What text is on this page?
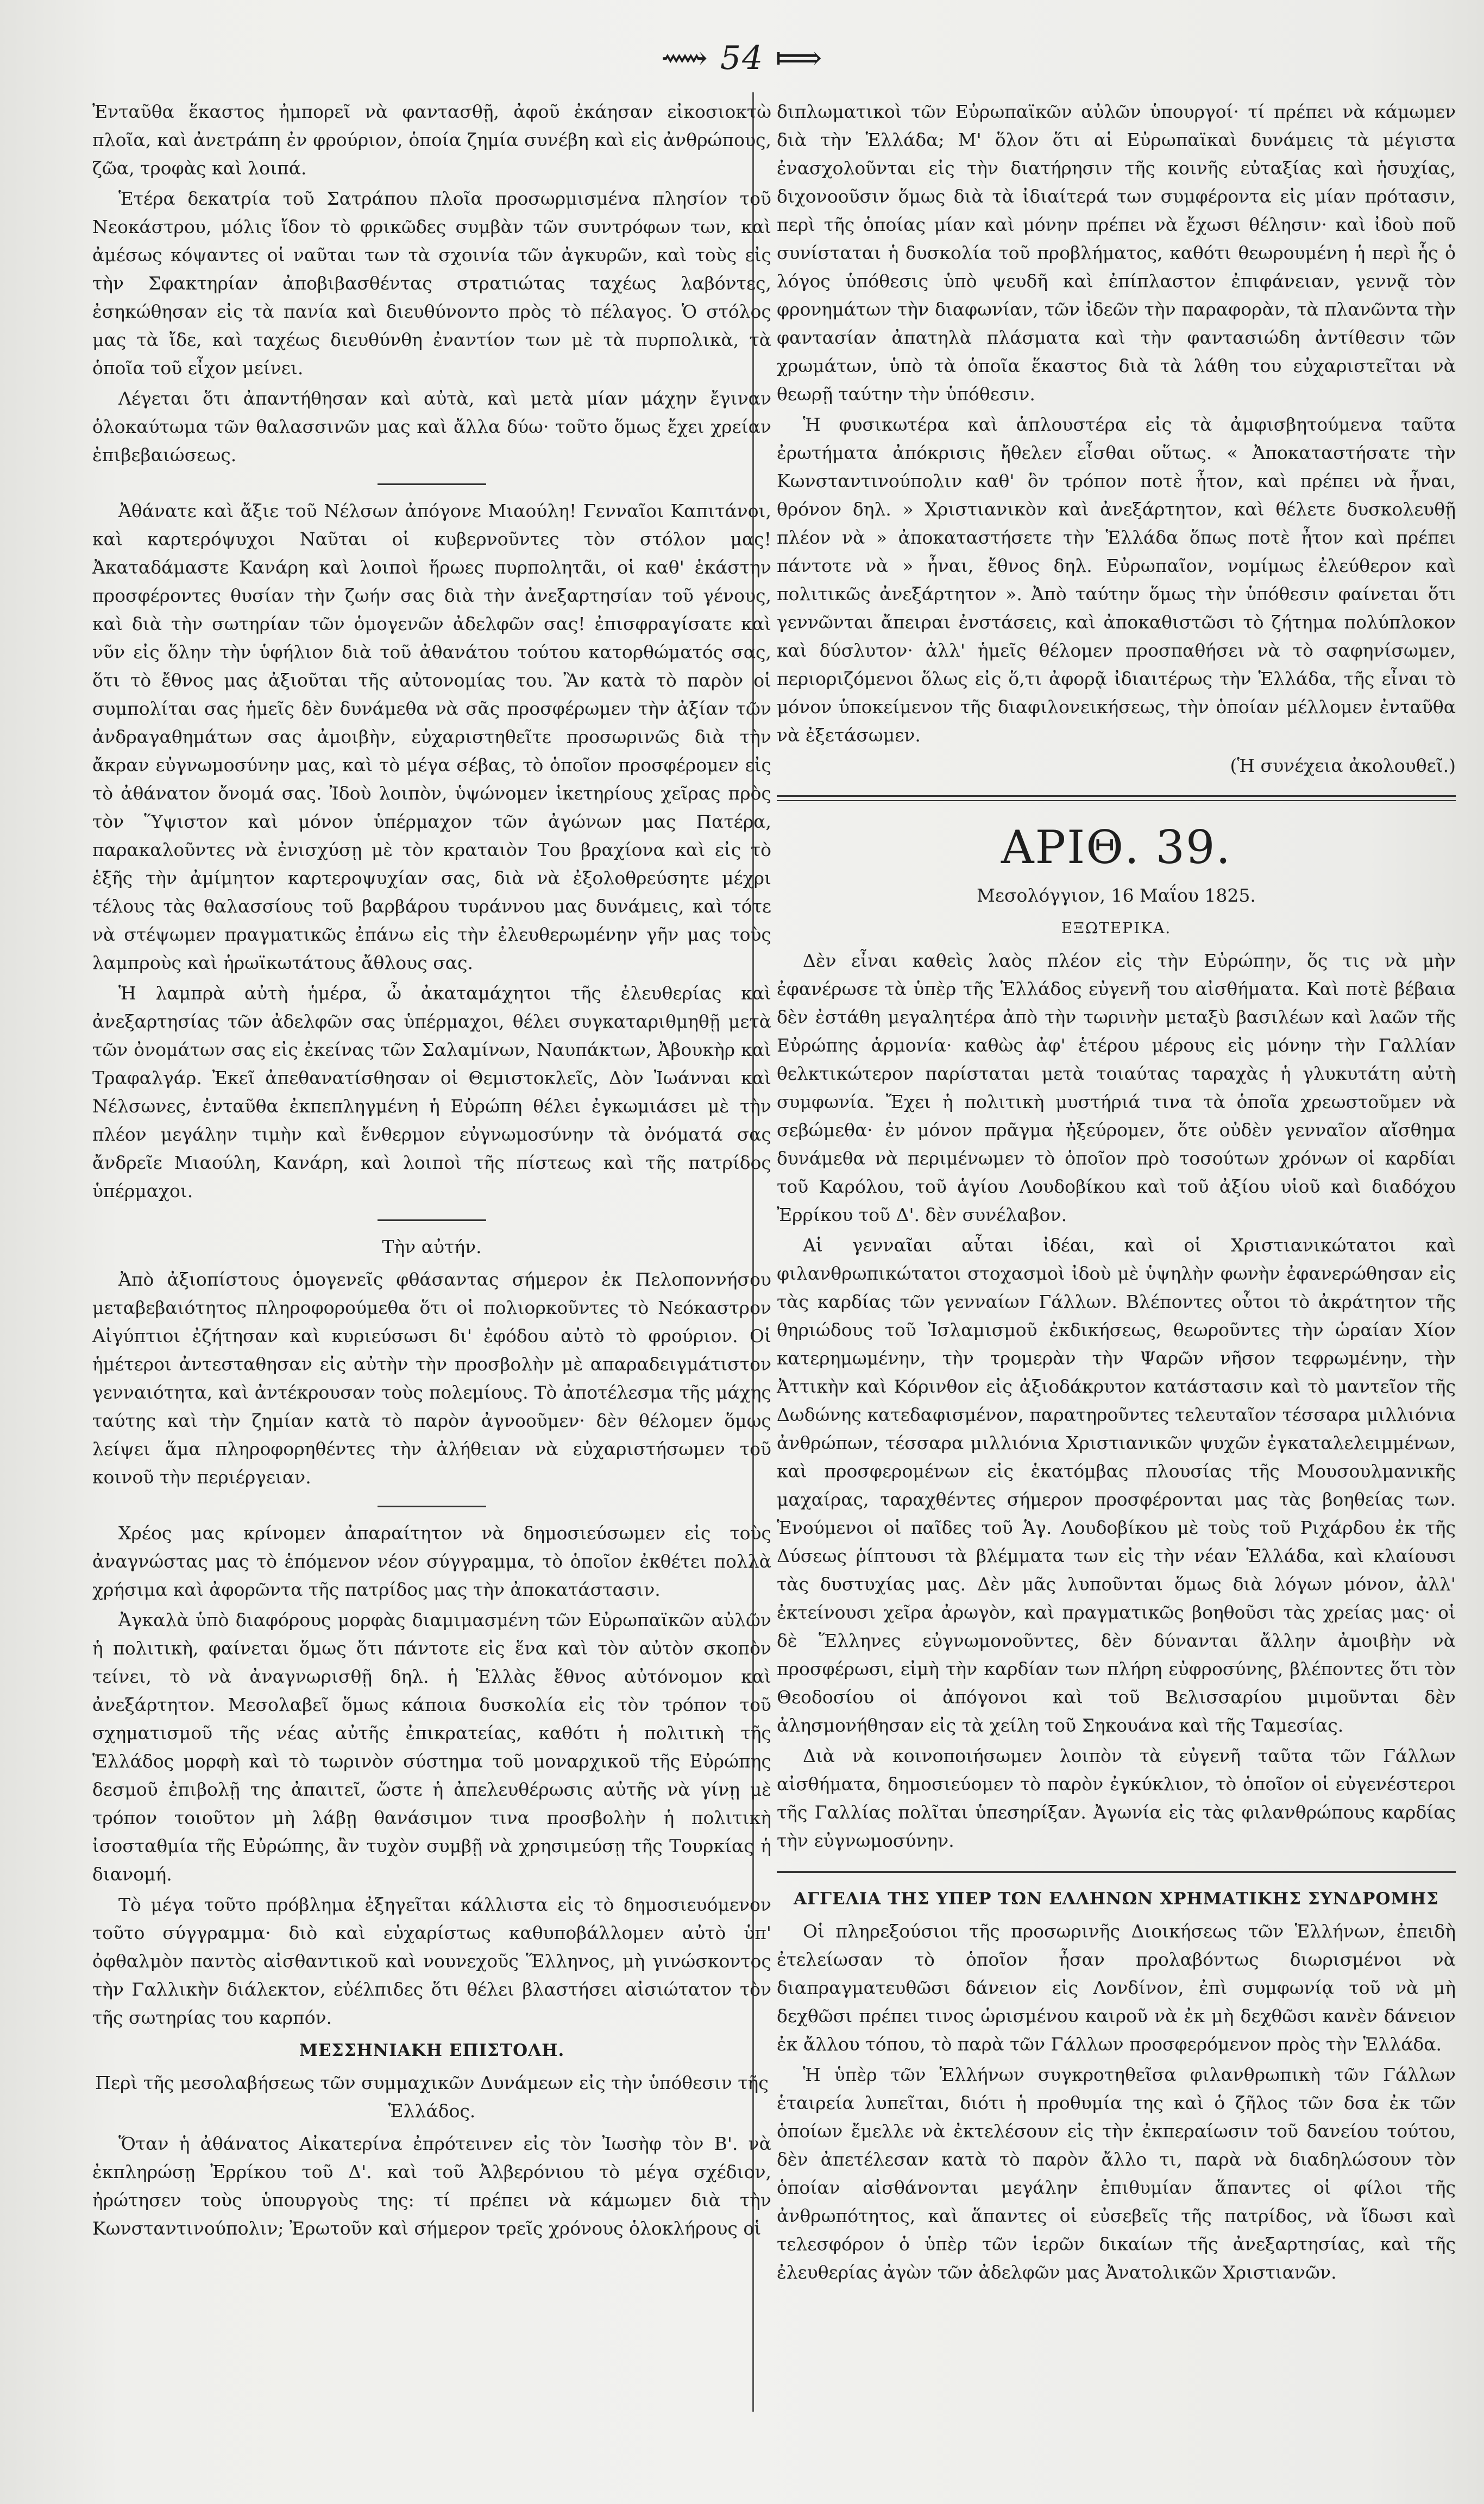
⟿ 54 ⟾

Ἐνταῦθα ἕκαστος ἠμπορεῖ νὰ φαντασθῇ, ἀφοῦ ἐκάησαν εἰκοσιοκτὼ πλοῖα, καὶ ἀνετράπη ἐν φρούριον, ὁποία ζημία συνέβη καὶ εἰς ἀνθρώπους, ζῶα, τροφὰς καὶ λοιπά.

Ἑτέρα δεκατρία τοῦ Σατράπου πλοῖα προσωρμισμένα πλησίον τοῦ Νεοκάστρου, μόλις ἴδον τὸ φρικῶδες συμβὰν τῶν συντρόφων των, καὶ ἀμέσως κόψαντες οἱ ναῦται των τὰ σχοινία τῶν ἀγκυρῶν, καὶ τοὺς εἰς τὴν Σφακτηρίαν ἀποβιβασθέντας στρατιώτας ταχέως λαβόντες, ἐσηκώθησαν εἰς τὰ πανία καὶ διευθύνοντο πρὸς τὸ πέλαγος. Ὁ στόλος μας τὰ ἴδε, καὶ ταχέως διευθύνθη ἐναντίον των μὲ τὰ πυρπολικὰ, τὰ ὁποῖα τοῦ εἶχον μείνει.

Λέγεται ὅτι ἀπαντήθησαν καὶ αὐτὰ, καὶ μετὰ μίαν μάχην ἔγιναν ὁλοκαύτωμα τῶν θαλασσινῶν μας καὶ ἄλλα δύω· τοῦτο ὅμως ἔχει χρείαν ἐπιβεβαιώσεως.

Ἀθάνατε καὶ ἄξιε τοῦ Νέλσων ἀπόγονε Μιαούλη! Γενναῖοι Καπιτάνοι, καὶ καρτερόψυχοι Ναῦται οἱ κυβερνοῦντες τὸν στόλον μας! Ἀκαταδάμαστε Κανάρη καὶ λοιποὶ ἥρωες πυρπολητᾶι, οἱ καθ' ἑκάστην προσφέροντες θυσίαν τὴν ζωήν σας διὰ τὴν ἀνεξαρτησίαν τοῦ γένους, καὶ διὰ τὴν σωτηρίαν τῶν ὁμογενῶν ἀδελφῶν σας! ἐπισφραγίσατε καὶ νῦν εἰς ὅλην τὴν ὑφήλιον διὰ τοῦ ἀθανάτου τούτου κατορθώματός σας, ὅτι τὸ ἔθνος μας ἀξιοῦται τῆς αὐτονομίας του. Ἂν κατὰ τὸ παρὸν οἱ συμπολίται σας ἡμεῖς δὲν δυνάμεθα νὰ σᾶς προσφέρωμεν τὴν ἀξίαν τῶν ἀνδραγαθημάτων σας ἀμοιβὴν, εὐχαριστηθεῖτε προσωρινῶς διὰ τὴν ἄκραν εὐγνωμοσύνην μας, καὶ τὸ μέγα σέβας, τὸ ὁποῖον προσφέρομεν εἰς τὸ ἀθάνατον ὄνομά σας. Ἰδοὺ λοιπὸν, ὑψώνομεν ἱκετηρίους χεῖρας πρὸς τὸν Ὕψιστον καὶ μόνον ὑπέρμαχον τῶν ἀγώνων μας Πατέρα, παρακαλοῦντες νὰ ἐνισχύσῃ μὲ τὸν κραταιὸν Του βραχίονα καὶ εἰς τὸ ἑξῆς τὴν ἀμίμητον καρτεροψυχίαν σας, διὰ νὰ ἐξολοθρεύσητε μέχρι τέλους τὰς θαλασσίους τοῦ βαρβάρου τυράννου μας δυνάμεις, καὶ τότε νὰ στέψωμεν πραγματικῶς ἐπάνω εἰς τὴν ἐλευθερωμένην γῆν μας τοὺς λαμπροὺς καὶ ἡρωϊκωτάτους ἄθλους σας.

Ἡ λαμπρὰ αὐτὴ ἡμέρα, ὦ ἀκαταμάχητοι τῆς ἐλευθερίας καὶ ἀνεξαρτησίας τῶν ἀδελφῶν σας ὑπέρμαχοι, θέλει συγκαταριθμηθῇ μετὰ τῶν ὀνομάτων σας εἰς ἐκείνας τῶν Σαλαμίνων, Ναυπάκτων, Ἀβουκὴρ καὶ Τραφαλγάρ. Ἐκεῖ ἀπεθανατίσθησαν οἱ Θεμιστοκλεῖς, Δὸν Ἰωάνναι καὶ Νέλσωνες, ἐνταῦθα ἐκπεπληγμένη ἡ Εὐρώπη θέλει ἐγκωμιάσει μὲ τὴν πλέον μεγάλην τιμὴν καὶ ἔνθερμον εὐγνωμοσύνην τὰ ὀνόματά σας ἄνδρεῖε Μιαούλη, Κανάρη, καὶ λοιποὶ τῆς πίστεως καὶ τῆς πατρίδος ὑπέρμαχοι.

Τὴν αὐτήν.

Ἀπὸ ἀξιοπίστους ὁμογενεῖς φθάσαντας σήμερον ἐκ Πελοποννήσου μεταβεβαιότητος πληροφορούμεθα ὅτι οἱ πολιορκοῦντες τὸ Νεόκαστρον Αἰγύπτιοι ἐζήτησαν καὶ κυριεύσωσι δι' ἐφόδου αὐτὸ τὸ φρούριον. Οἱ ἡμέτεροι ἀντεσταθησαν εἰς αὐτὴν τὴν προσβολὴν μὲ απαραδειγμάτιστον γενναιότητα, καὶ ἀντέκρουσαν τοὺς πολεμίους. Τὸ ἀποτέλεσμα τῆς μάχης ταύτης καὶ τὴν ζημίαν κατὰ τὸ παρὸν ἀγνοοῦμεν· δὲν θέλομεν ὅμως λείψει ἅμα πληροφορηθέντες τὴν ἀλήθειαν νὰ εὐχαριστήσωμεν τοῦ κοινοῦ τὴν περιέργειαν.

Χρέος μας κρίνομεν ἀπαραίτητον νὰ δημοσιεύσωμεν εἰς τοὺς ἀναγνώστας μας τὸ ἑπόμενον νέον σύγγραμμα, τὸ ὁποῖον ἐκθέτει πολλὰ χρήσιμα καὶ ἀφορῶντα τῆς πατρίδος μας τὴν ἀποκατάστασιν.

Ἀγκαλὰ ὑπὸ διαφόρους μορφὰς διαμιμασμένη τῶν Εὐρωπαϊκῶν αὐλῶν ἡ πολιτικὴ, φαίνεται ὅμως ὅτι πάντοτε εἰς ἕνα καὶ τὸν αὐτὸν σκοπὸν τείνει, τὸ νὰ ἀναγνωρισθῇ δηλ. ἡ Ἑλλὰς ἔθνος αὐτόνομον καὶ ἀνεξάρτητον. Μεσολαβεῖ ὅμως κάποια δυσκολία εἰς τὸν τρόπον τοῦ σχηματισμοῦ τῆς νέας αὐτῆς ἐπικρατείας, καθότι ἡ πολιτικὴ τῆς Ἑλλάδος μορφὴ καὶ τὸ τωρινὸν σύστημα τοῦ μοναρχικοῦ τῆς Εὐρώπης δεσμοῦ ἐπιβολῇ της ἀπαιτεῖ, ὥστε ἡ ἀπελευθέρωσις αὐτῆς νὰ γίνῃ μὲ τρόπον τοιοῦτον μὴ λάβῃ θανάσιμον τινα προσβολὴν ἡ πολιτικὴ ἰσοσταθμία τῆς Εὐρώπης, ἂν τυχὸν συμβῇ νὰ χρησιμεύσῃ τῆς Τουρκίας ἡ διανομή.

Τὸ μέγα τοῦτο πρόβλημα ἐξηγεῖται κάλλιστα εἰς τὸ δημοσιευόμενον τοῦτο σύγγραμμα· διὸ καὶ εὐχαρίστως καθυποβάλλομεν αὐτὸ ὑπ' ὀφθαλμὸν παντὸς αἰσθαντικοῦ καὶ νουνεχοῦς Ἕλληνος, μὴ γινώσκοντος τὴν Γαλλικὴν διάλεκτον, εὐέλπιδες ὅτι θέλει βλαστήσει αἰσιώτατον τὸν τῆς σωτηρίας του καρπόν.

ΜΕΣΣΗΝΙΑΚΗ ΕΠΙΣΤΟΛΗ.

Περὶ τῆς μεσολαβήσεως τῶν συμμαχικῶν Δυνάμεων εἰς τὴν ὑπόθεσιν τῆς Ἑλλάδος.

Ὅταν ἡ ἀθάνατος Αἰκατερίνα ἐπρότεινεν εἰς τὸν Ἰωσὴφ τὸν Β'. νὰ ἐκπληρώσῃ Ἐρρίκου τοῦ Δ'. καὶ τοῦ Ἀλβερόνιου τὸ μέγα σχέδιον, ἠρώτησεν τοὺς ὑπουργοὺς της: τί πρέπει νὰ κάμωμεν διὰ τὴν Κωνσταντινούπολιν; Ἐρωτοῦν καὶ σήμερον τρεῖς χρόνους ὁλοκλήρους οἱ

διπλωματικοὶ τῶν Εὐρωπαϊκῶν αὐλῶν ὑπουργοί· τί πρέπει νὰ κάμωμεν διὰ τὴν Ἑλλάδα; Μ' ὅλον ὅτι αἱ Εὐρωπαϊκαὶ δυνάμεις τὰ μέγιστα ἐνασχολοῦνται εἰς τὴν διατήρησιν τῆς κοινῆς εὐταξίας καὶ ἡσυχίας, διχονοοῦσιν ὅμως διὰ τὰ ἰδιαίτερά των συμφέροντα εἰς μίαν πρότασιν, περὶ τῆς ὁποίας μίαν καὶ μόνην πρέπει νὰ ἔχωσι θέλησιν· καὶ ἰδοὺ ποῦ συνίσταται ἡ δυσκολία τοῦ προβλήματος, καθότι θεωρουμένη ἡ περὶ ἧς ὁ λόγος ὑπόθεσις ὑπὸ ψευδῆ καὶ ἐπίπλαστον ἐπιφάνειαν, γεννᾷ τὸν φρονημάτων τὴν διαφωνίαν, τῶν ἰδεῶν τὴν παραφορὰν, τὰ πλανῶντα τὴν φαντασίαν ἀπατηλὰ πλάσματα καὶ τὴν φαντασιώδη ἀντίθεσιν τῶν χρωμάτων, ὑπὸ τὰ ὁποῖα ἕκαστος διὰ τὰ λάθη του εὐχαριστεῖται νὰ θεωρῇ ταύτην τὴν ὑπόθεσιν.

Ἡ φυσικωτέρα καὶ ἁπλουστέρα εἰς τὰ ἀμφισβητούμενα ταῦτα ἐρωτήματα ἀπόκρισις ἤθελεν εἶσθαι οὕτως. « Ἀποκαταστήσατε τὴν Κωνσταντινούπολιν καθ' ὃν τρόπον ποτὲ ἦτον, καὶ πρέπει νὰ ἦναι, θρόνον δηλ. » Χριστιανικὸν καὶ ἀνεξάρτητον, καὶ θέλετε δυσκολευθῇ πλέον νὰ » ἀποκαταστήσετε τὴν Ἑλλάδα ὅπως ποτὲ ἦτον καὶ πρέπει πάντοτε νὰ » ἦναι, ἔθνος δηλ. Εὐρωπαῖον, νομίμως ἐλεύθερον καὶ πολιτικῶς ἀνεξάρτητον ». Ἀπὸ ταύτην ὅμως τὴν ὑπόθεσιν φαίνεται ὅτι γεννῶνται ἄπειραι ἐνστάσεις, καὶ ἀποκαθιστῶσι τὸ ζήτημα πολύπλοκον καὶ δύσλυτον· ἀλλ' ἡμεῖς θέλομεν προσπαθήσει νὰ τὸ σαφηνίσωμεν, περιοριζόμενοι ὅλως εἰς ὅ,τι ἀφορᾷ ἰδιαιτέρως τὴν Ἑλλάδα, τῆς εἶναι τὸ μόνον ὑποκείμενον τῆς διαφιλονεικήσεως, τὴν ὁποίαν μέλλομεν ἐνταῦθα νὰ ἐξετάσωμεν.

(Ἡ συνέχεια ἀκολουθεῖ.)

ΑΡΙΘ. 39.

Μεσολόγγιον, 16 Μαΐου 1825.

ΕΞΩΤΕΡΙΚΑ.

Δὲν εἶναι καθεὶς λαὸς πλέον εἰς τὴν Εὐρώπην, ὅς τις νὰ μὴν ἐφανέρωσε τὰ ὑπὲρ τῆς Ἑλλάδος εὐγενῆ του αἰσθήματα. Καὶ ποτὲ βέβαια δὲν ἐστάθη μεγαλητέρα ἀπὸ τὴν τωρινὴν μεταξὺ βασιλέων καὶ λαῶν τῆς Εὐρώπης ἁρμονία· καθὼς ἀφ' ἑτέρου μέρους εἰς μόνην τὴν Γαλλίαν θελκτικώτερον παρίσταται μετὰ τοιαύτας ταραχὰς ἡ γλυκυτάτη αὐτὴ συμφωνία. Ἔχει ἡ πολιτικὴ μυστήριά τινα τὰ ὁποῖα χρεωστοῦμεν νὰ σεβώμεθα· ἐν μόνον πρᾶγμα ἠξεύρομεν, ὅτε οὐδὲν γενναῖον αἴσθημα δυνάμεθα νὰ περιμένωμεν τὸ ὁποῖον πρὸ τοσούτων χρόνων οἱ καρδίαι τοῦ Καρόλου, τοῦ ἁγίου Λουδοβίκου καὶ τοῦ ἀξίου υἱοῦ καὶ διαδόχου Ἐρρίκου τοῦ Δ'. δὲν συνέλαβον.

Αἱ γενναῖαι αὗται ἰδέαι, καὶ οἱ Χριστιανικώτατοι καὶ φιλανθρωπικώτατοι στοχασμοὶ ἰδοὺ μὲ ὑψηλὴν φωνὴν ἐφανερώθησαν εἰς τὰς καρδίας τῶν γενναίων Γάλλων. Βλέποντες οὗτοι τὸ ἀκράτητον τῆς θηριώδους τοῦ Ἰσλαμισμοῦ ἐκδικήσεως, θεωροῦντες τὴν ὡραίαν Χίον κατερημωμένην, τὴν τρομερὰν τὴν Ψαρῶν νῆσον τεφρωμένην, τὴν Ἀττικὴν καὶ Κόρινθον εἰς ἀξιοδάκρυτον κατάστασιν καὶ τὸ μαντεῖον τῆς Δωδώνης κατεδαφισμένον, παρατηροῦντες τελευταῖον τέσσαρα μιλλιόνια ἀνθρώπων, τέσσαρα μιλλιόνια Χριστιανικῶν ψυχῶν ἐγκαταλελειμμένων, καὶ προσφερομένων εἰς ἑκατόμβας πλουσίας τῆς Μουσουλμανικῆς μαχαίρας, ταραχθέντες σήμερον προσφέρονται μας τὰς βοηθείας των. Ἑνούμενοι οἱ παῖδες τοῦ Ἁγ. Λουδοβίκου μὲ τοὺς τοῦ Ριχάρδου ἐκ τῆς Δύσεως ῥίπτουσι τὰ βλέμματα των εἰς τὴν νέαν Ἑλλάδα, καὶ κλαίουσι τὰς δυστυχίας μας. Δὲν μᾶς λυποῦνται ὅμως διὰ λόγων μόνον, ἀλλ' ἐκτείνουσι χεῖρα ἀρωγὸν, καὶ πραγματικῶς βοηθοῦσι τὰς χρείας μας· οἱ δὲ Ἕλληνες εὐγνωμονοῦντες, δὲν δύνανται ἄλλην ἀμοιβὴν νὰ προσφέρωσι, εἰμὴ τὴν καρδίαν των πλήρη εὐφροσύνης, βλέποντες ὅτι τὸν Θεοδοσίου οἱ ἀπόγονοι καὶ τοῦ Βελισσαρίου μιμοῦνται δὲν ἀλησμονήθησαν εἰς τὰ χείλη τοῦ Σηκουάνα καὶ τῆς Ταμεσίας.

Διὰ νὰ κοινοποιήσωμεν λοιπὸν τὰ εὐγενῆ ταῦτα τῶν Γάλλων αἰσθήματα, δημοσιεύομεν τὸ παρὸν ἐγκύκλιον, τὸ ὁποῖον οἱ εὐγενέστεροι τῆς Γαλλίας πολῖται ὑπεσηρίξαν. Ἀγωνία εἰς τὰς φιλανθρώπους καρδίας τὴν εὐγνωμοσύνην.

ΑΓΓΕΛΙΑ ΤΗΣ ΥΠΕΡ ΤΩΝ ΕΛΛΗΝΩΝ ΧΡΗΜΑΤΙΚΗΣ ΣΥΝΔΡΟΜΗΣ

Οἱ πληρεξούσιοι τῆς προσωρινῆς Διοικήσεως τῶν Ἑλλήνων, ἐπειδὴ ἐτελείωσαν τὸ ὁποῖον ἦσαν προλαβόντως διωρισμένοι νὰ διαπραγματευθῶσι δάνειον εἰς Λονδίνον, ἐπὶ συμφωνίᾳ τοῦ νὰ μὴ δεχθῶσι πρέπει τινος ὡρισμένου καιροῦ νὰ ἐκ μὴ δεχθῶσι κανὲν δάνειον ἐκ ἄλλου τόπου, τὸ παρὰ τῶν Γάλλων προσφερόμενον πρὸς τὴν Ἑλλάδα.

Ἡ ὑπὲρ τῶν Ἑλλήνων συγκροτηθεῖσα φιλανθρωπικὴ τῶν Γάλλων ἑταιρεία λυπεῖται, διότι ἡ προθυμία της καὶ ὁ ζῆλος τῶν δσα ἐκ τῶν ὁποίων ἔμελλε νὰ ἐκτελέσουν εἰς τὴν ἐκπεραίωσιν τοῦ δανείου τούτου, δὲν ἀπετέλεσαν κατὰ τὸ παρὸν ἄλλο τι, παρὰ νὰ διαδηλώσουν τὸν ὁποίαν αἰσθάνονται μεγάλην ἐπιθυμίαν ἅπαντες οἱ φίλοι τῆς ἀνθρωπότητος, καὶ ἅπαντες οἱ εὐσεβεῖς τῆς πατρίδος, νὰ ἴδωσι καὶ τελεσφόρον ὁ ὑπὲρ τῶν ἱερῶν δικαίων τῆς ἀνεξαρτησίας, καὶ τῆς ἐλευθερίας ἀγὼν τῶν ἀδελφῶν μας Ἀνατολικῶν Χριστιανῶν.
